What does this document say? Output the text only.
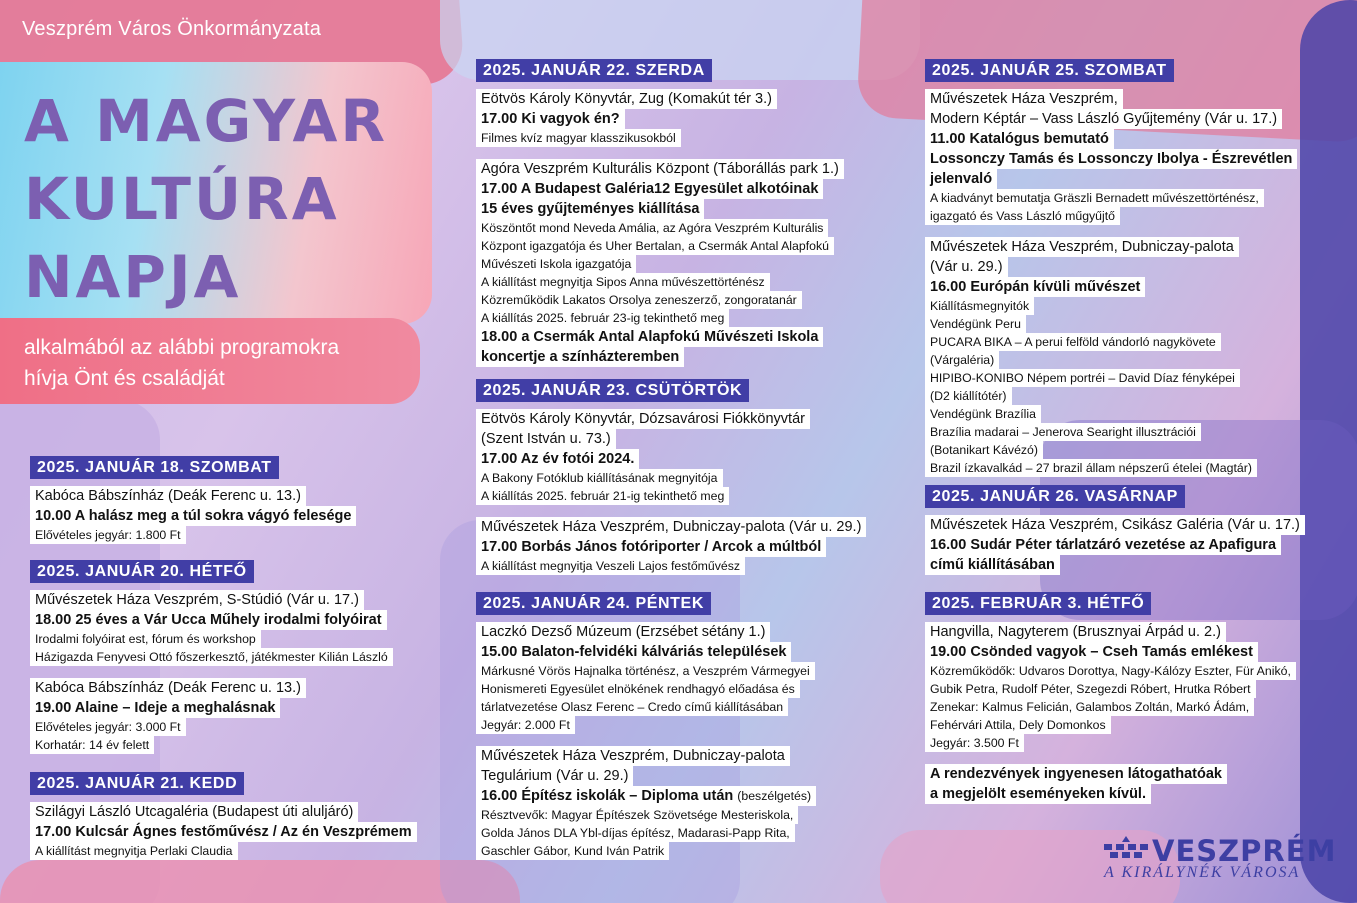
Veszprém Város Önkormányzata
A MAGYAR
KULTÚRA
NAPJA
alkalmából az alábbi programokra
hívja Önt és családját
2025. JANUÁR 18. SZOMBAT
Kabóca Bábszínház (Deák Ferenc u. 13.)
10.00 A halász meg a túl sokra vágyó felesége
Elővételes jegyár: 1.800 Ft
2025. JANUÁR 20. HÉTFŐ
Művészetek Háza Veszprém, S-Stúdió (Vár u. 17.)
18.00 25 éves a Vár Ucca Műhely irodalmi folyóirat
Irodalmi folyóirat est, fórum és workshop
Házigazda Fenyvesi Ottó főszerkesztő, játékmester Kilián László
Kabóca Bábszínház (Deák Ferenc u. 13.)
19.00 Alaine – Ideje a meghalásnak
Elővételes jegyár: 3.000 Ft
Korhatár: 14 év felett
2025. JANUÁR 21. KEDD
Szilágyi László Utcagaléria (Budapest úti aluljáró)
17.00 Kulcsár Ágnes festőművész / Az én Veszprémem
A kiállítást megnyitja Perlaki Claudia
2025. JANUÁR 22. SZERDA
Eötvös Károly Könyvtár, Zug (Komakút tér 3.)
17.00 Ki vagyok én?
Filmes kvíz magyar klasszikusokból
Agóra Veszprém Kulturális Központ (Táborállás park 1.)
17.00 A Budapest Galéria12 Egyesület alkotóinak
15 éves gyűjteményes kiállítása
Köszöntőt mond Neveda Amália, az Agóra Veszprém Kulturális
Központ igazgatója és Uher Bertalan, a Csermák Antal Alapfokú
Művészeti Iskola igazgatója
A kiállítást megnyitja Sipos Anna művészettörténész
Közreműködik Lakatos Orsolya zeneszerző, zongoratanár
A kiállítás 2025. február 23-ig tekinthető meg
18.00 a Csermák Antal Alapfokú Művészeti Iskola
koncertje a színházteremben
2025. JANUÁR 23. CSÜTÖRTÖK
Eötvös Károly Könyvtár, Dózsavárosi Fiókkönyvtár
(Szent István u. 73.)
17.00 Az év fotói 2024.
A Bakony Fotóklub kiállításának megnyitója
A kiállítás 2025. február 21-ig tekinthető meg
Művészetek Háza Veszprém, Dubniczay-palota (Vár u. 29.)
17.00 Borbás János fotóriporter / Arcok a múltból
A kiállítást megnyitja Veszeli Lajos festőművész
2025. JANUÁR 24. PÉNTEK
Laczkó Dezső Múzeum (Erzsébet sétány 1.)
15.00 Balaton-felvidéki kálváriás települések
Márkusné Vörös Hajnalka történész, a Veszprém Vármegyei
Honismereti Egyesület elnökének rendhagyó előadása és
tárlatvezetése Olasz Ferenc – Credo című kiállításában
Jegyár: 2.000 Ft
Művészetek Háza Veszprém, Dubniczay-palota
Tegulárium (Vár u. 29.)
16.00 Építész iskolák – Diploma után (beszélgetés)
Résztvevők: Magyar Építészek Szövetsége Mesteriskola,
Golda János DLA Ybl-díjas építész, Madarasi-Papp Rita,
Gaschler Gábor, Kund Iván Patrik
2025. JANUÁR 25. SZOMBAT
Művészetek Háza Veszprém,
Modern Képtár – Vass László Gyűjtemény (Vár u. 17.)
11.00 Katalógus bemutató
Lossonczy Tamás és Lossonczy Ibolya - Észrevétlen
jelenvaló
A kiadványt bemutatja Gräszli Bernadett művészettörténész,
igazgató és Vass László műgyűjtő
Művészetek Háza Veszprém, Dubniczay-palota
(Vár u. 29.)
16.00 Európán kívüli művészet
Kiállításmegnyitók
Vendégünk Peru
PUCARA BIKA – A perui felföld vándorló nagykövete
(Várgaléria)
HIPIBO-KONIBO Népem portréi – David Díaz fényképei
(D2 kiállítótér)
Vendégünk Brazília
Brazília madarai – Jenerova Searight illusztrációi
(Botanikart Kávézó)
Brazil ízkavalkád – 27 brazil állam népszerű ételei (Magtár)
2025. JANUÁR 26. VASÁRNAP
Művészetek Háza Veszprém, Csikász Galéria (Vár u. 17.)
16.00 Sudár Péter tárlatzáró vezetése az Apafigura
című kiállításában
2025. FEBRUÁR 3. HÉTFŐ
Hangvilla, Nagyterem (Brusznyai Árpád u. 2.)
19.00 Csönded vagyok – Cseh Tamás emlékest
Közreműködők: Udvaros Dorottya, Nagy-Kálózy Eszter, Für Anikó,
Gubik Petra, Rudolf Péter, Szegezdi Róbert, Hrutka Róbert
Zenekar: Kalmus Felicián, Galambos Zoltán, Markó Ádám,
Fehérvári Attila, Dely Domonkos
Jegyár: 3.500 Ft
A rendezvények ingyenesen látogathatóak
a megjelölt eseményeken kívül.
VESZPRÉM
A KIRÁLYNÉK VÁROSA
